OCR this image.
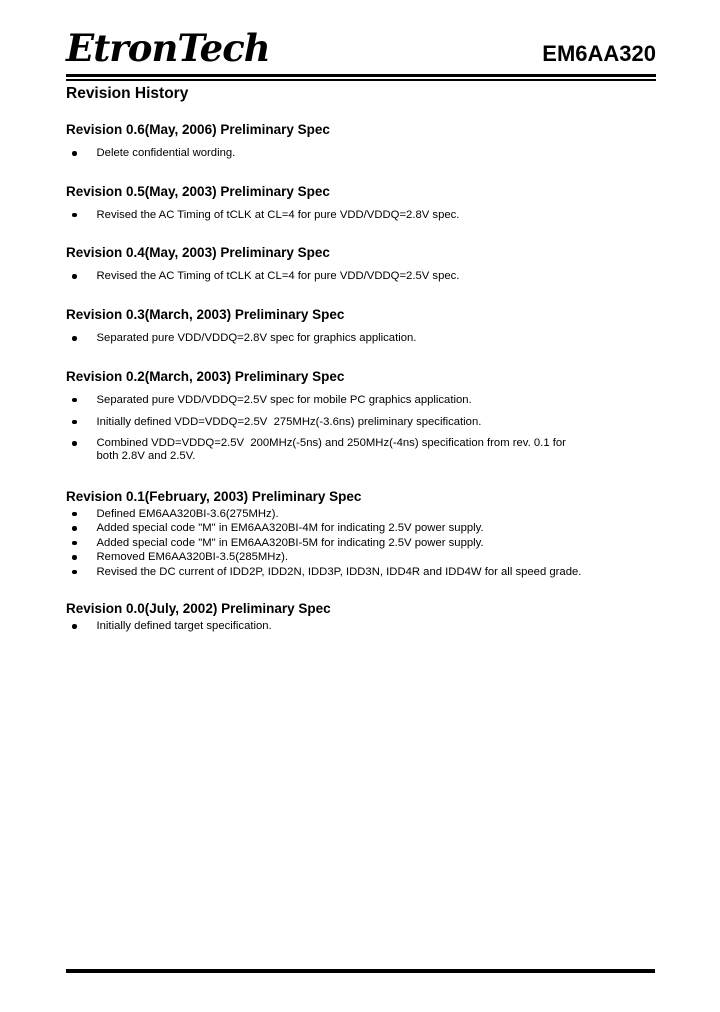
EtronTech	EM6AA320
Revision History
Revision 0.6(May, 2006) Preliminary Spec
Delete confidential wording.
Revision 0.5(May, 2003) Preliminary Spec
Revised the AC Timing of tCLK at CL=4 for pure VDD/VDDQ=2.8V spec.
Revision 0.4(May, 2003) Preliminary Spec
Revised the AC Timing of tCLK at CL=4 for pure VDD/VDDQ=2.5V spec.
Revision 0.3(March, 2003) Preliminary Spec
Separated pure VDD/VDDQ=2.8V spec for graphics application.
Revision 0.2(March, 2003) Preliminary Spec
Separated pure VDD/VDDQ=2.5V spec for mobile PC graphics application.
Initially defined VDD=VDDQ=2.5V  275MHz(-3.6ns) preliminary specification.
Combined VDD=VDDQ=2.5V  200MHz(-5ns) and 250MHz(-4ns) specification from rev. 0.1 for both 2.8V and 2.5V.
Revision 0.1(February, 2003) Preliminary Spec
Defined EM6AA320BI-3.6(275MHz).
Added special code "M" in EM6AA320BI-4M for indicating 2.5V power supply.
Added special code "M" in EM6AA320BI-5M for indicating 2.5V power supply.
Removed EM6AA320BI-3.5(285MHz).
Revised the DC current of IDD2P, IDD2N, IDD3P, IDD3N, IDD4R and IDD4W for all speed grade.
Revision 0.0(July, 2002) Preliminary Spec
Initially defined target specification.
